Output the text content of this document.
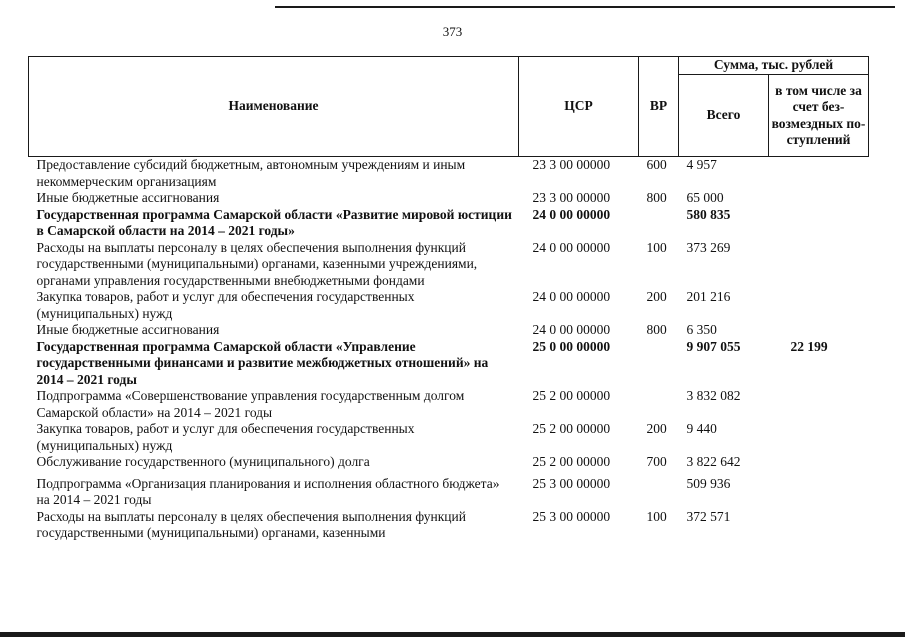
373
Наименование	ЦСР	ВР	Сумма, тыс. рублей	
			Всего	в том числе за счет без-возмездных по-ступлений
Предоставление субсидий бюджетным, автономным учреждениям и иным некоммерческим организациям	23 3 00 00000	600	4 957	
Иные бюджетные ассигнования	23 3 00 00000	800	65 000	
Государственная программа Самарской области «Развитие мировой юстиции в Самарской области на 2014 – 2021 годы»	24 0 00 00000		580 835	
Расходы на выплаты персоналу в целях обеспечения выполнения функций государственными (муниципальными) органами, казенными учреждениями, органами управления государственными внебюджетными фондами	24 0 00 00000	100	373 269	
Закупка товаров, работ и услуг для обеспечения государственных (муниципальных) нужд	24 0 00 00000	200	201 216	
Иные бюджетные ассигнования	24 0 00 00000	800	6 350	
Государственная программа Самарской области «Управление государственными финансами и развитие межбюджетных отношений» на 2014 – 2021 годы	25 0 00 00000		9 907 055	22 199
Подпрограмма «Совершенствование управления государственным долгом Самарской области» на 2014 – 2021 годы	25 2 00 00000		3 832 082	
Закупка товаров, работ и услуг для обеспечения государственных (муниципальных) нужд	25 2 00 00000	200	9 440	
Обслуживание государственного (муниципального) долга	25 2 00 00000	700	3 822 642	
Подпрограмма «Организация планирования и исполнения областного бюджета» на 2014 – 2021 годы	25 3 00 00000		509 936	
Расходы на выплаты персоналу в целях обеспечения выполнения функций государственными (муниципальными) органами, казенными	25 3 00 00000	100	372 571	
